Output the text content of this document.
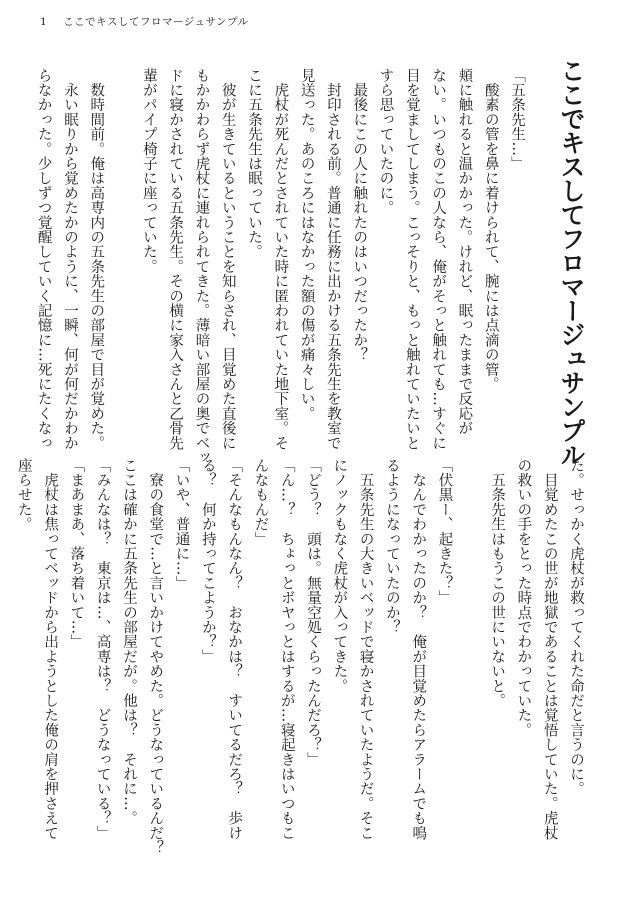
1 ここでキスしてフロマージュサンプル
ここでキスしてフロマージュサンプル
「五条先生…」
　酸素の管を鼻に着けられて、腕には点滴の管。
頬に触れると温かかった。けれど、眠ったままで反応が
ない。いつものこの人なら、俺がそっと触れても…すぐに
目を覚ましてしまう。こっそりと、もっと触れていたいと
すら思っていたのに。
　最後にこの人に触れたのはいつだったか？
　封印される前。普通に任務に出かける五条先生を教室で
見送った。あのころにはなかった額の傷が痛々しい。
　虎杖が死んだとされていた時に匿われていた地下室。そ
こに五条先生は眠っていた。
　彼が生きているということを知らされ、目覚めた直後に
もかかわらず虎杖に連れられてきた。薄暗い部屋の奥でベッ
ドに寝かされている五条先生。その横に家入さんと乙骨先
輩がパイプ椅子に座っていた。
　数時間前。俺は高専内の五条先生の部屋で目が覚めた。
　永い眠りから覚めたかのように、一瞬、何が何だかわか
らなかった。少しずつ覚醒していく記憶に…死にたくなっ
た。せっかく虎杖が救ってくれた命だと言うのに。
　目覚めたこの世が地獄であることは覚悟していた。虎杖
の救いの手をとった時点でわかっていた。
　五条先生はもうこの世にいないと。
「伏黒ー、起きた？」
　なんでわかったのか？　俺が目覚めたらアラームでも鳴
るようになっていたのか？
　五条先生の大きいベッドで寝かされていたようだ。そこ
にノックもなく虎杖が入ってきた。
「どう？　頭は。無量空処くらったんだろ？」
「ん…？　ちょっとボヤっとはするが…寝起きはいつもこ
んなもんだ」
「そんなもんなん？　おなかは？　すいてるだろ？　歩け
る？　何か持ってこようか？」
「いや、普通に…」
　寮の食堂で…と言いかけてやめた。どうなっているんだ？
ここは確かに五条先生の部屋だが。他は？　それに…。
「みんなは？　東京は…、高専は？　どうなっている？」
「まあまあ、落ち着いて…」
　虎杖は焦ってベッドから出ようとした俺の肩を押さえて
座らせた。
